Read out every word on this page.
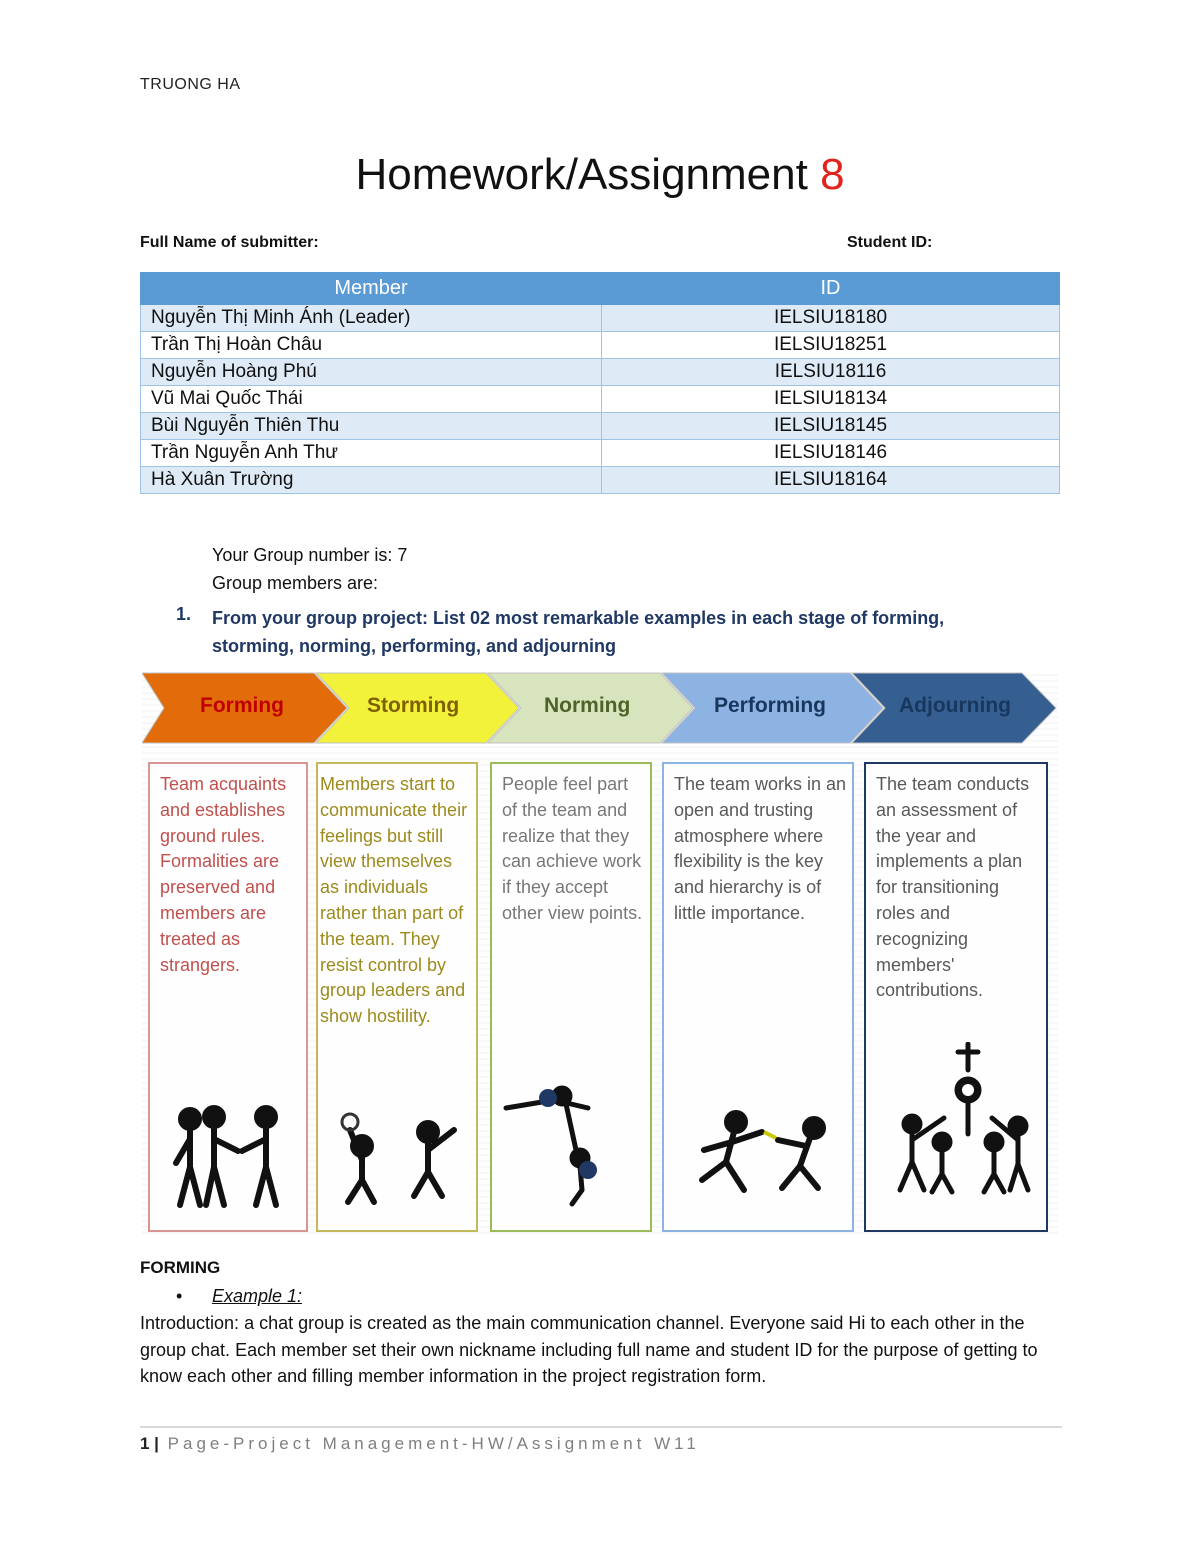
TRUONG HA
Homework/Assignment 8
Full Name of submitter:	Student ID:
Member	ID
Nguyễn Thị Minh Ánh (Leader)	IELSIU18180
Trần Thị Hoàn Châu	IELSIU18251
Nguyễn Hoàng Phú	IELSIU18116
Vũ Mai Quốc Thái	IELSIU18134
Bùi Nguyễn Thiên Thu	IELSIU18145
Trần Nguyễn Anh Thư	IELSIU18146
Hà Xuân Trường	IELSIU18164
Your Group number is: 7
Group members are:
1. From your group project: List 02 most remarkable examples in each stage of forming, storming, norming, performing, and adjourning
Forming	Storming	Norming	Performing	Adjourning
Team acquaints and establishes ground rules. Formalities are preserved and members are treated as strangers.
Members start to communicate their feelings but still view themselves as individuals rather than part of the team. They resist control by group leaders and show hostility.
People feel part of the team and realize that they can achieve work if they accept other view points.
The team works in an open and trusting atmosphere where flexibility is the key and hierarchy is of little importance.
The team conducts an assessment of the year and implements a plan for transitioning roles and recognizing members' contributions.
FORMING
• Example 1:
Introduction: a chat group is created as the main communication channel. Everyone said Hi to each other in the group chat. Each member set their own nickname including full name and student ID for the purpose of getting to know each other and filling member information in the project registration form.
1 | Page-Project Management-HW/Assignment W11
